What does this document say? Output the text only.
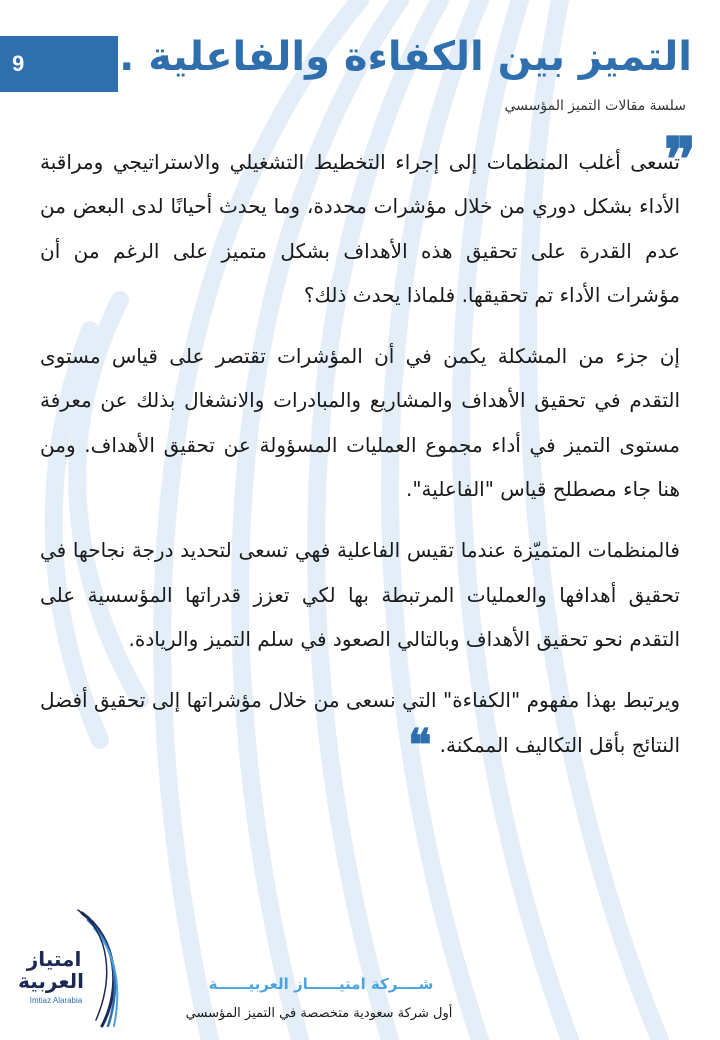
9 التميز بين الكفاءة والفاعلية ..
سلسة مقالات التميز المؤسسي
❞

تسعى أغلب المنظمات إلى إجراء التخطيط التشغيلي والاستراتيجي ومراقبة الأداء بشكل دوري من خلال مؤشرات محددة، وما يحدث أحيانًا لدى البعض من عدم القدرة على تحقيق هذه الأهداف بشكل متميز على الرغم من أن مؤشرات الأداء تم تحقيقها. فلماذا يحدث ذلك؟

إن جزء من المشكلة يكمن في أن المؤشرات تقتصر على قياس مستوى التقدم في تحقيق الأهداف والمشاريع والمبادرات والانشغال بذلك عن معرفة مستوى التميز في أداء مجموع العمليات المسؤولة عن تحقيق الأهداف. ومن هنا جاء مصطلح قياس "الفاعلية".

فالمنظمات المتميّزة عندما تقيس الفاعلية فهي تسعى لتحديد درجة نجاحها في تحقيق أهدافها والعمليات المرتبطة بها لكي تعزز قدراتها المؤسسية على التقدم نحو تحقيق الأهداف وبالتالي الصعود في سلم التميز والريادة.

ويرتبط بهذا مفهوم "الكفاءة" التي نسعى من خلال مؤشراتها إلى تحقيق أفضل النتائج بأقل التكاليف الممكنة.❝

امتياز
العربية
Imtiaz Alarabia
شــــركة امتيــــــاز العربيــــــة
أول شركة سعودية متخصصة في التميز المؤسسي
